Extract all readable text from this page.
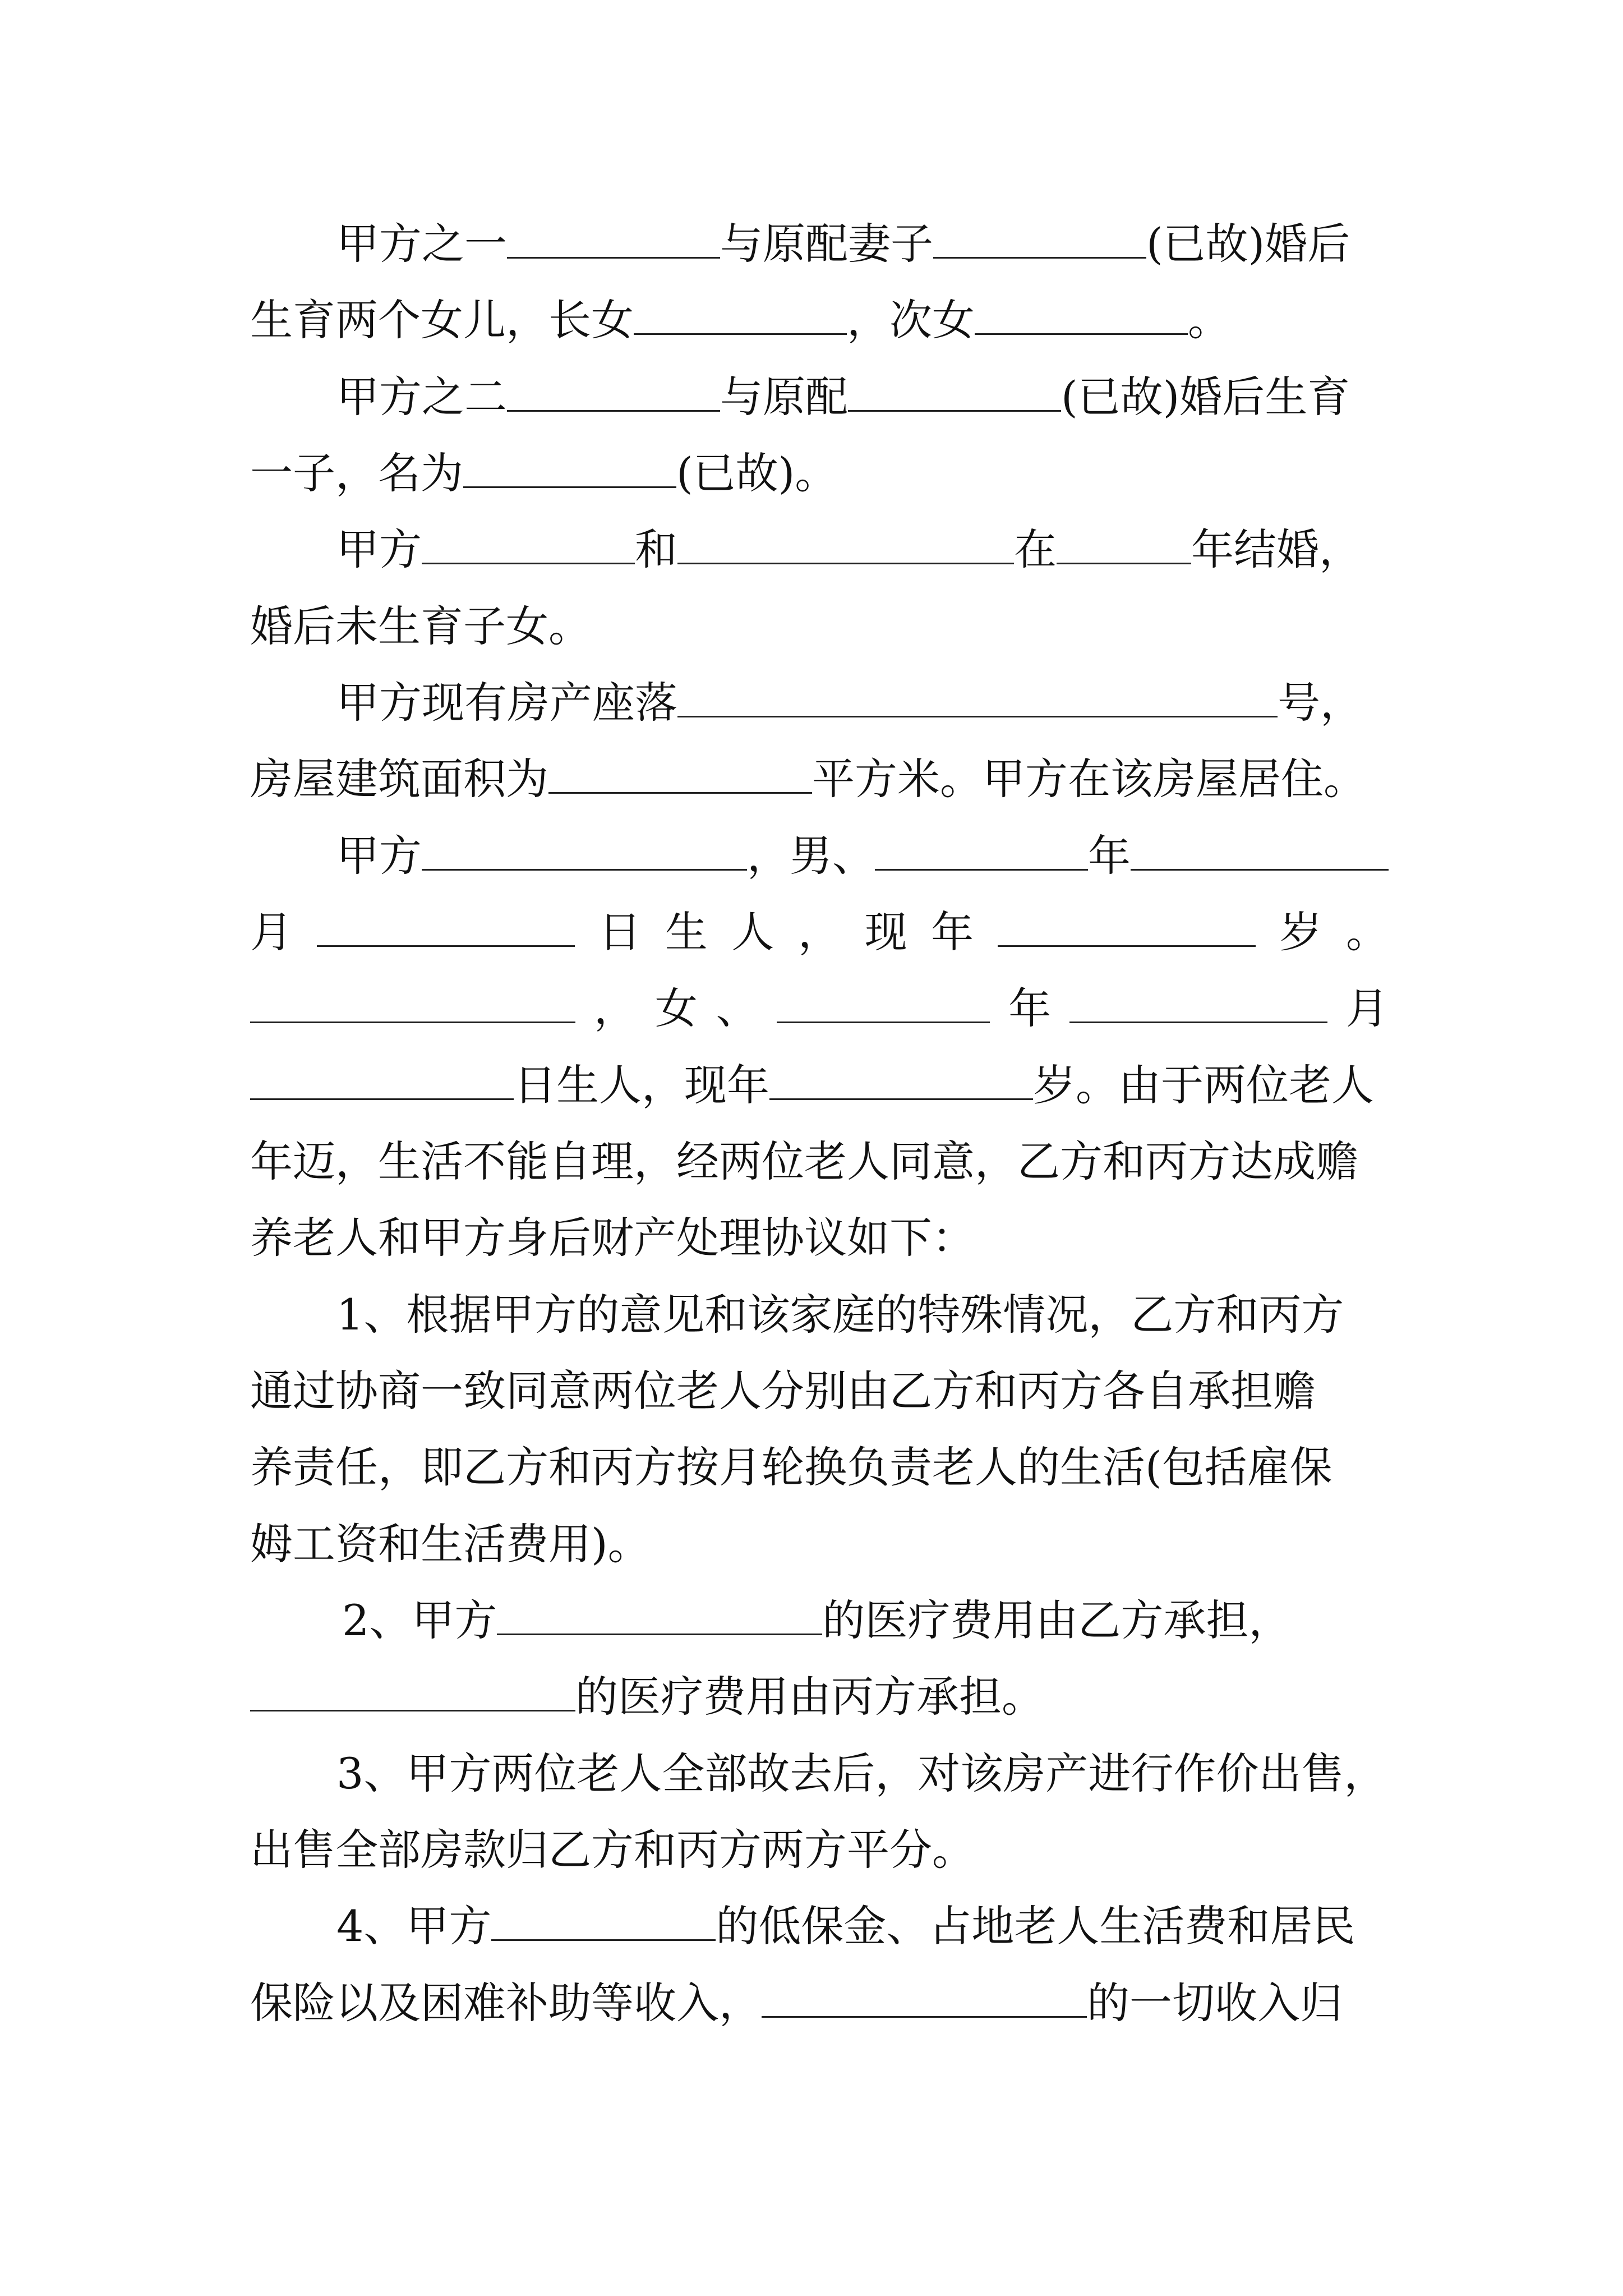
甲方之一	与原配妻子	(已故)婚后
生育两个女儿，长女	，次女	。
甲方之二	与原配	(已故)婚后生育
一子，名为	(已故)。
甲方	和	在	年结婚，
婚后未生育子女。
甲方现有房产座落	号，
房屋建筑面积为	平方米。甲方在该房屋居住。
甲方	，男、	年
月	日 生 人 ， 现 年	岁 。
， 女 、	年	月
日生人，现年	岁。由于两位老人
年迈，生活不能自理，经两位老人同意，乙方和丙方达成赡
养老人和甲方身后财产处理协议如下：
1、根据甲方的意见和该家庭的特殊情况，乙方和丙方
通过协商一致同意两位老人分别由乙方和丙方各自承担赡
养责任，即乙方和丙方按月轮换负责老人的生活(包括雇保
姆工资和生活费用)。
2、甲方	的医疗费用由乙方承担，
的医疗费用由丙方承担。
3、甲方两位老人全部故去后，对该房产进行作价出售，
出售全部房款归乙方和丙方两方平分。
4、甲方	的低保金、占地老人生活费和居民
保险以及困难补助等收入，	的一切收入归
